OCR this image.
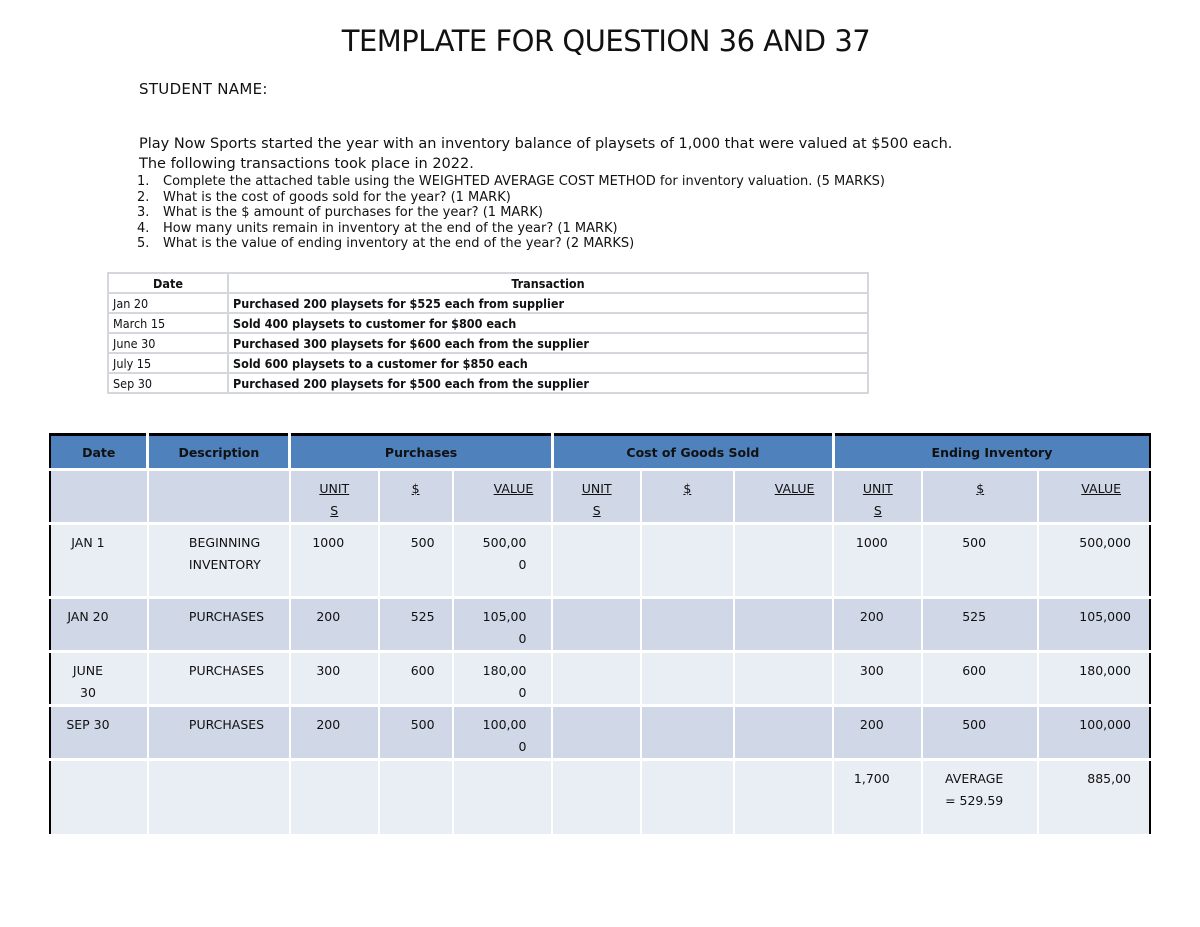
TEMPLATE FOR QUESTION 36 AND 37
STUDENT NAME:
Play Now Sports started the year with an inventory balance of playsets of 1,000 that were valued at $500 each.
The following transactions took place in 2022.
1.	Complete the attached table using the WEIGHTED AVERAGE COST METHOD for inventory valuation. (5 MARKS)
2.	What is the cost of goods sold for the year? (1 MARK)
3.	What is the $ amount of purchases for the year? (1 MARK)
4.	How many units remain in inventory at the end of the year? (1 MARK)
5.	What is the value of ending inventory at the end of the year? (2 MARKS)
Date	Transaction
Jan 20	Purchased 200 playsets for $525 each from supplier
March 15	Sold 400 playsets to customer for $800 each
June 30	Purchased 300 playsets for $600 each from the supplier
July 15	Sold 600 playsets to a customer for $850 each
Sep 30	Purchased 200 playsets for $500 each from the supplier
Date	Description	Purchases			Cost of Goods Sold			Ending Inventory		
		UNITS	$	VALUE	UNITS	$	VALUE	UNITS	$	VALUE
JAN 1	BEGINNING INVENTORY	1000	500	500,000				1000	500	500,000
JAN 20	PURCHASES	200	525	105,000				200	525	105,000
JUNE 30	PURCHASES	300	600	180,000				300	600	180,000
SEP 30	PURCHASES	200	500	100,000				200	500	100,000
								1,700	AVERAGE = 529.59	885,00
